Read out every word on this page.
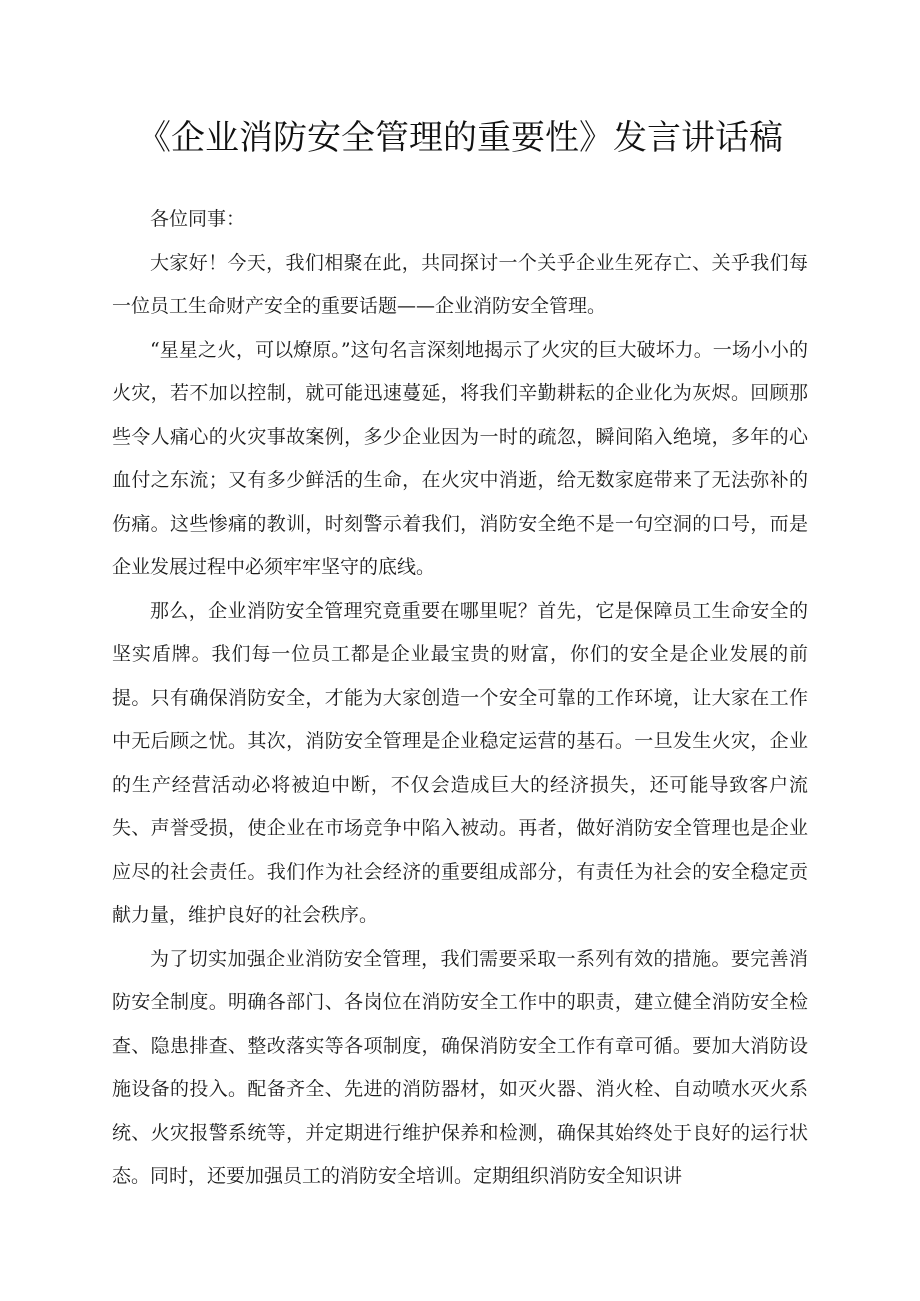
《企业消防安全管理的重要性》发言讲话稿

各位同事：

大家好！今天，我们相聚在此，共同探讨一个关乎企业生死存亡、关乎我们每一位员工生命财产安全的重要话题——企业消防安全管理。

“星星之火，可以燎原。”这句名言深刻地揭示了火灾的巨大破坏力。一场小小的火灾，若不加以控制，就可能迅速蔓延，将我们辛勤耕耘的企业化为灰烬。回顾那些令人痛心的火灾事故案例，多少企业因为一时的疏忽，瞬间陷入绝境，多年的心血付之东流；又有多少鲜活的生命，在火灾中消逝，给无数家庭带来了无法弥补的伤痛。这些惨痛的教训，时刻警示着我们，消防安全绝不是一句空洞的口号，而是企业发展过程中必须牢牢坚守的底线。

那么，企业消防安全管理究竟重要在哪里呢？首先，它是保障员工生命安全的坚实盾牌。我们每一位员工都是企业最宝贵的财富，你们的安全是企业发展的前提。只有确保消防安全，才能为大家创造一个安全可靠的工作环境，让大家在工作中无后顾之忧。其次，消防安全管理是企业稳定运营的基石。一旦发生火灾，企业的生产经营活动必将被迫中断，不仅会造成巨大的经济损失，还可能导致客户流失、声誉受损，使企业在市场竞争中陷入被动。再者，做好消防安全管理也是企业应尽的社会责任。我们作为社会经济的重要组成部分，有责任为社会的安全稳定贡献力量，维护良好的社会秩序。

为了切实加强企业消防安全管理，我们需要采取一系列有效的措施。要完善消防安全制度。明确各部门、各岗位在消防安全工作中的职责，建立健全消防安全检查、隐患排查、整改落实等各项制度，确保消防安全工作有章可循。要加大消防设施设备的投入。配备齐全、先进的消防器材，如灭火器、消火栓、自动喷水灭火系统、火灾报警系统等，并定期进行维护保养和检测，确保其始终处于良好的运行状态。同时，还要加强员工的消防安全培训。定期组织消防安全知识讲
